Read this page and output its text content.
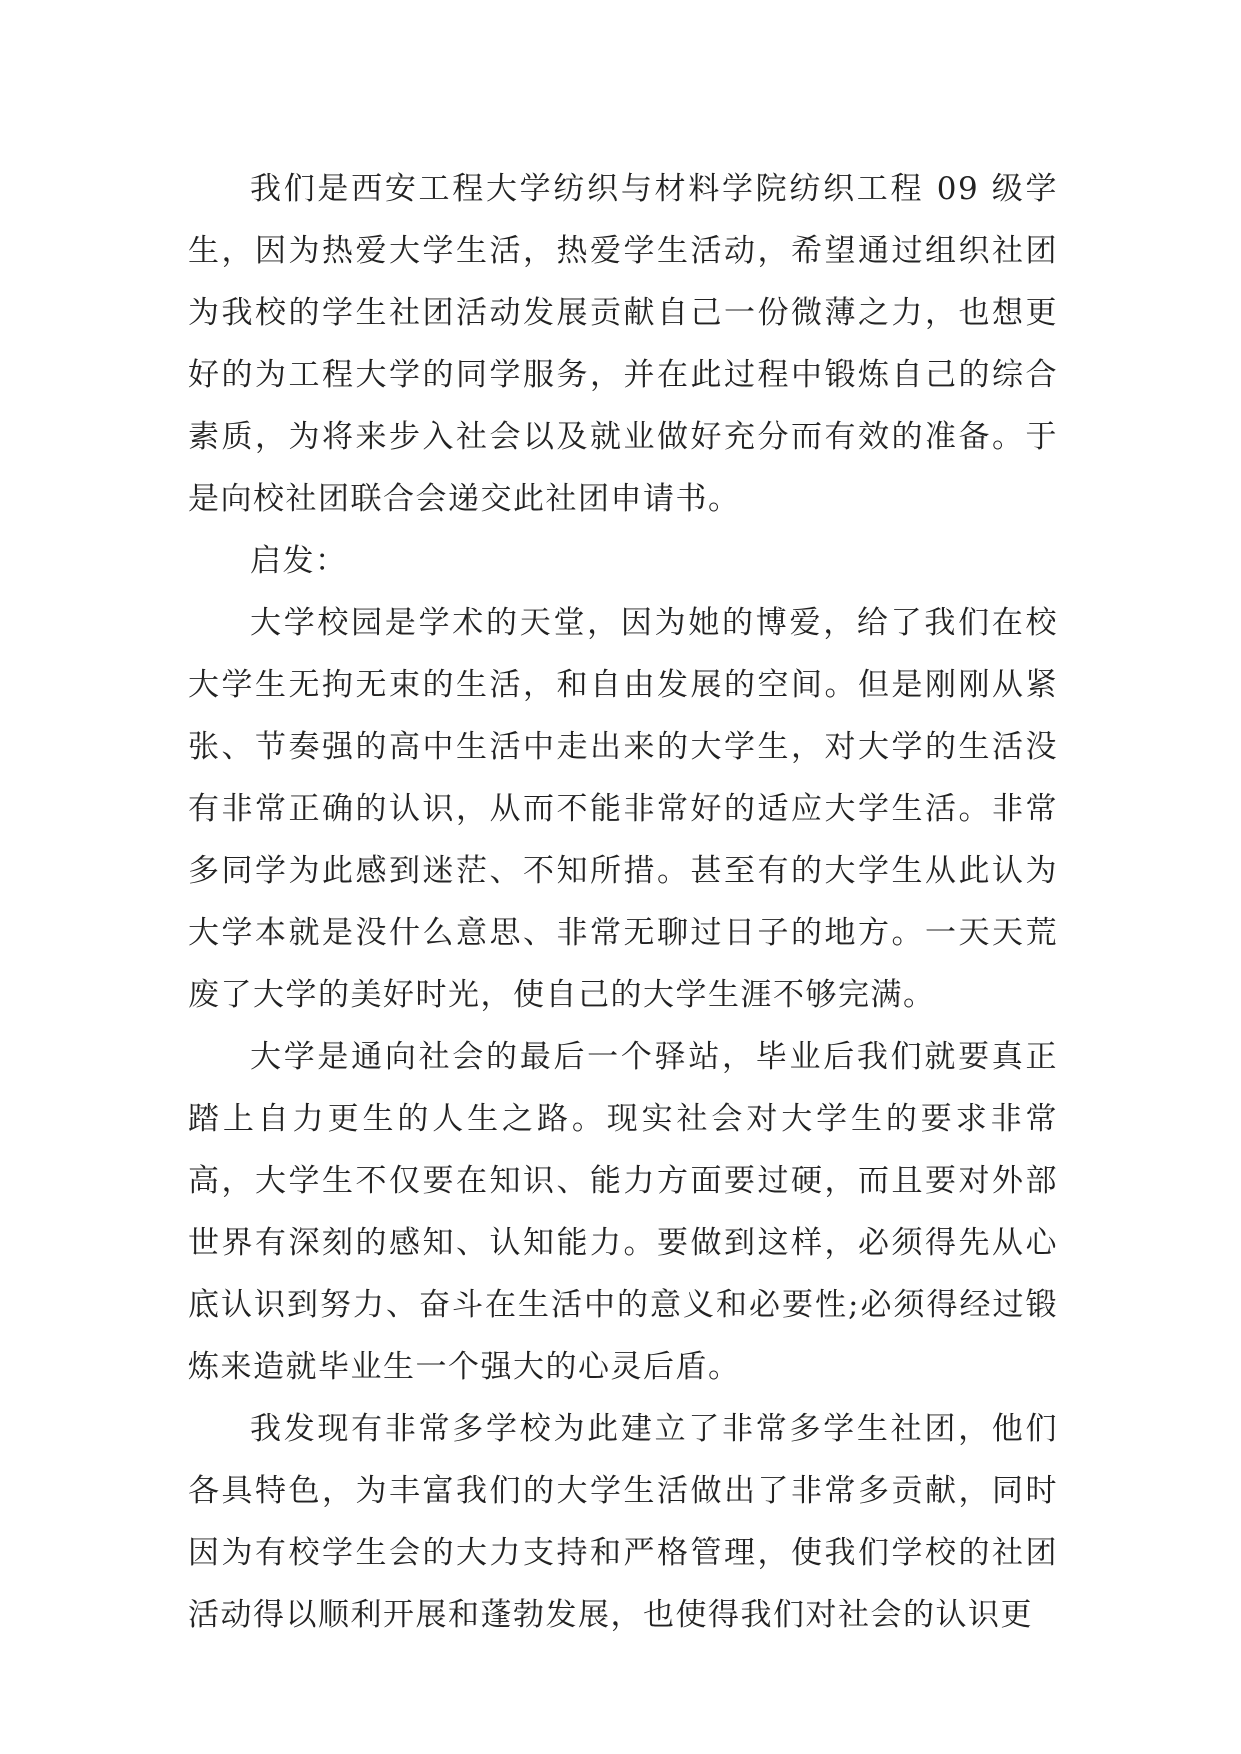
我们是西安工程大学纺织与材料学院纺织工程 09 级学生，因为热爱大学生活，热爱学生活动，希望通过组织社团为我校的学生社团活动发展贡献自己一份微薄之力，也想更好的为工程大学的同学服务，并在此过程中锻炼自己的综合素质，为将来步入社会以及就业做好充分而有效的准备。于是向校社团联合会递交此社团申请书。

启发：

大学校园是学术的天堂，因为她的博爱，给了我们在校大学生无拘无束的生活，和自由发展的空间。但是刚刚从紧张、节奏强的高中生活中走出来的大学生，对大学的生活没有非常正确的认识，从而不能非常好的适应大学生活。非常多同学为此感到迷茫、不知所措。甚至有的大学生从此认为大学本就是没什么意思、非常无聊过日子的地方。一天天荒废了大学的美好时光，使自己的大学生涯不够完满。

大学是通向社会的最后一个驿站，毕业后我们就要真正踏上自力更生的人生之路。现实社会对大学生的要求非常高，大学生不仅要在知识、能力方面要过硬，而且要对外部世界有深刻的感知、认知能力。要做到这样，必须得先从心底认识到努力、奋斗在生活中的意义和必要性;必须得经过锻炼来造就毕业生一个强大的心灵后盾。

我发现有非常多学校为此建立了非常多学生社团，他们各具特色，为丰富我们的大学生活做出了非常多贡献，同时因为有校学生会的大力支持和严格管理，使我们学校的社团活动得以顺利开展和蓬勃发展，也使得我们对社会的认识更
